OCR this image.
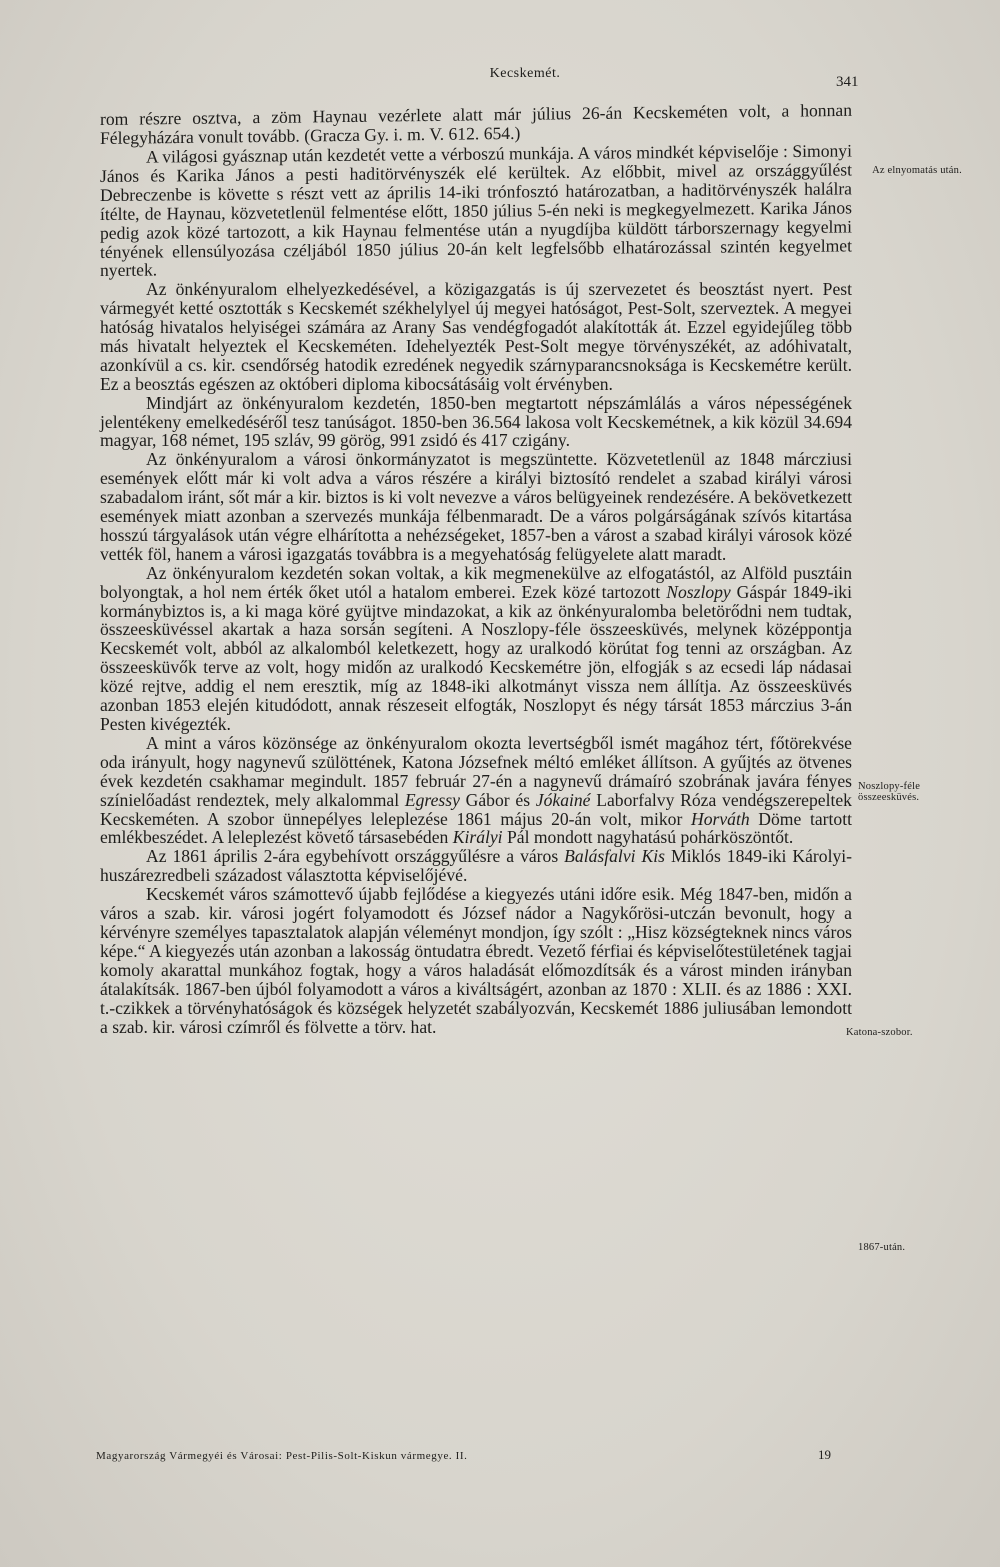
Kecskemét.
341

rom részre osztva, a zöm Haynau vezérlete alatt már július 26-án Kecskeméten volt, a honnan Félegyházára vonult tovább. (Gracza Gy. i. m. V. 612. 654.)

A világosi gyásznap után kezdetét vette a vérboszú munkája. A város mindkét képviselője : Simonyi János és Karika János a pesti haditörvényszék elé kerültek. Az előbbit, mivel az országgyűlést Debreczenbe is követte s részt vett az április 14-iki trónfosztó határozatban, a haditörvényszék halálra ítélte, de Haynau, közvetetlenül felmentése előtt, 1850 július 5-én neki is megkegyelmezett. Karika János pedig azok közé tartozott, a kik Haynau felmentése után a nyugdíjba küldött tárborszernagy kegyelmi tényének ellensúlyozása czéljából 1850 július 20-án kelt legfelsőbb elhatározással szintén kegyelmet nyertek.

Az önkényuralom elhelyezkedésével, a közigazgatás is új szervezetet és beosztást nyert. Pest vármegyét ketté osztották s Kecskemét székhelylyel új megyei hatóságot, Pest-Solt, szerveztek. A megyei hatóság hivatalos helyiségei számára az Arany Sas vendégfogadót alakították át. Ezzel egyidejűleg több más hivatalt helyeztek el Kecskeméten. Idehelyezték Pest-Solt megye törvényszékét, az adóhivatalt, azonkívül a cs. kir. csendőrség hatodik ezredének negyedik szárnyparancsnoksága is Kecskemétre került. Ez a beosztás egészen az októberi diploma kibocsátásáig volt érvényben.

Mindjárt az önkényuralom kezdetén, 1850-ben megtartott népszámlálás a város népességének jelentékeny emelkedéséről tesz tanúságot. 1850-ben 36.564 lakosa volt Kecskemétnek, a kik közül 34.694 magyar, 168 német, 195 szláv, 99 görög, 991 zsidó és 417 czigány.

Az önkényuralom a városi önkormányzatot is megszüntette. Közvetetlenül az 1848 márcziusi események előtt már ki volt adva a város részére a királyi biztosító rendelet a szabad királyi városi szabadalom iránt, sőt már a kir. biztos is ki volt nevezve a város belügyeinek rendezésére. A bekövetkezett események miatt azonban a szervezés munkája félbenmaradt. De a város polgárságának szívós kitartása hosszú tárgyalások után végre elhárította a nehézségeket, 1857-ben a várost a szabad királyi városok közé vették föl, hanem a városi igazgatás továbbra is a megyehatóság felügyelete alatt maradt.

Az önkényuralom kezdetén sokan voltak, a kik megmenekülve az elfogatástól, az Alföld pusztáin bolyongtak, a hol nem érték őket utól a hatalom emberei. Ezek közé tartozott Noszlopy Gáspár 1849-iki kormánybiztos is, a ki maga köré gyüjtve mindazokat, a kik az önkényuralomba beletörődni nem tudtak, összeesküvéssel akartak a haza sorsán segíteni. A Noszlopy-féle összeesküvés, melynek középpontja Kecskemét volt, abból az alkalomból keletkezett, hogy az uralkodó körútat fog tenni az országban. Az összeesküvők terve az volt, hogy midőn az uralkodó Kecskemétre jön, elfogják s az ecsedi láp nádasai közé rejtve, addig el nem eresztik, míg az 1848-iki alkotmányt vissza nem állítja. Az összeesküvés azonban 1853 elején kitudódott, annak részeseit elfogták, Noszlopyt és négy társát 1853 márczius 3-án Pesten kivégezték.

A mint a város közönsége az önkényuralom okozta levertségből ismét magához tért, főtörekvése oda irányult, hogy nagynevű szülöttének, Katona Józsefnek méltó emléket állítson. A gyűjtés az ötvenes évek kezdetén csakhamar megindult. 1857 február 27-én a nagynevű drámaíró szobrának javára fényes színielőadást rendeztek, mely alkalommal Egressy Gábor és Jókainé Laborfalvy Róza vendégszerepeltek Kecskeméten. A szobor ünnepélyes leleplezése 1861 május 20-án volt, mikor Horváth Döme tartott emlékbeszédet. A leleplezést követő társasebéden Királyi Pál mondott nagyhatású pohárköszöntőt.

Az 1861 április 2-ára egybehívott országgyűlésre a város Balásfalvi Kis Miklós 1849-iki Károlyi-huszárezredbeli századost választotta képviselőjévé.

Kecskemét város számottevő újabb fejlődése a kiegyezés utáni időre esik. Még 1847-ben, midőn a város a szab. kir. városi jogért folyamodott és József nádor a Nagykőrösi-utczán bevonult, hogy a kérvényre személyes tapasztalatok alapján véleményt mondjon, így szólt : „Hisz községteknek nincs város képe.“ A kiegyezés után azonban a lakosság öntudatra ébredt. Vezető férfiai és képviselőtestületének tagjai komoly akarattal munkához fogtak, hogy a város haladását előmozdítsák és a várost minden irányban átalakítsák. 1867-ben újból folyamodott a város a kiváltságért, azonban az 1870 : XLII. és az 1886 : XXI. t.-czikkek a törvényhatóságok és községek helyzetét szabályozván, Kecskemét 1886 juliusában lemondott a szab. kir. városi czímről és fölvette a törv. hat.

Az elnyomatás után.
Noszlopy-féle összeesküvés.
Katona-szobor.
1867-után.
Magyarország Vármegyéi és Városai: Pest-Pilis-Solt-Kiskun vármegye. II.	19
